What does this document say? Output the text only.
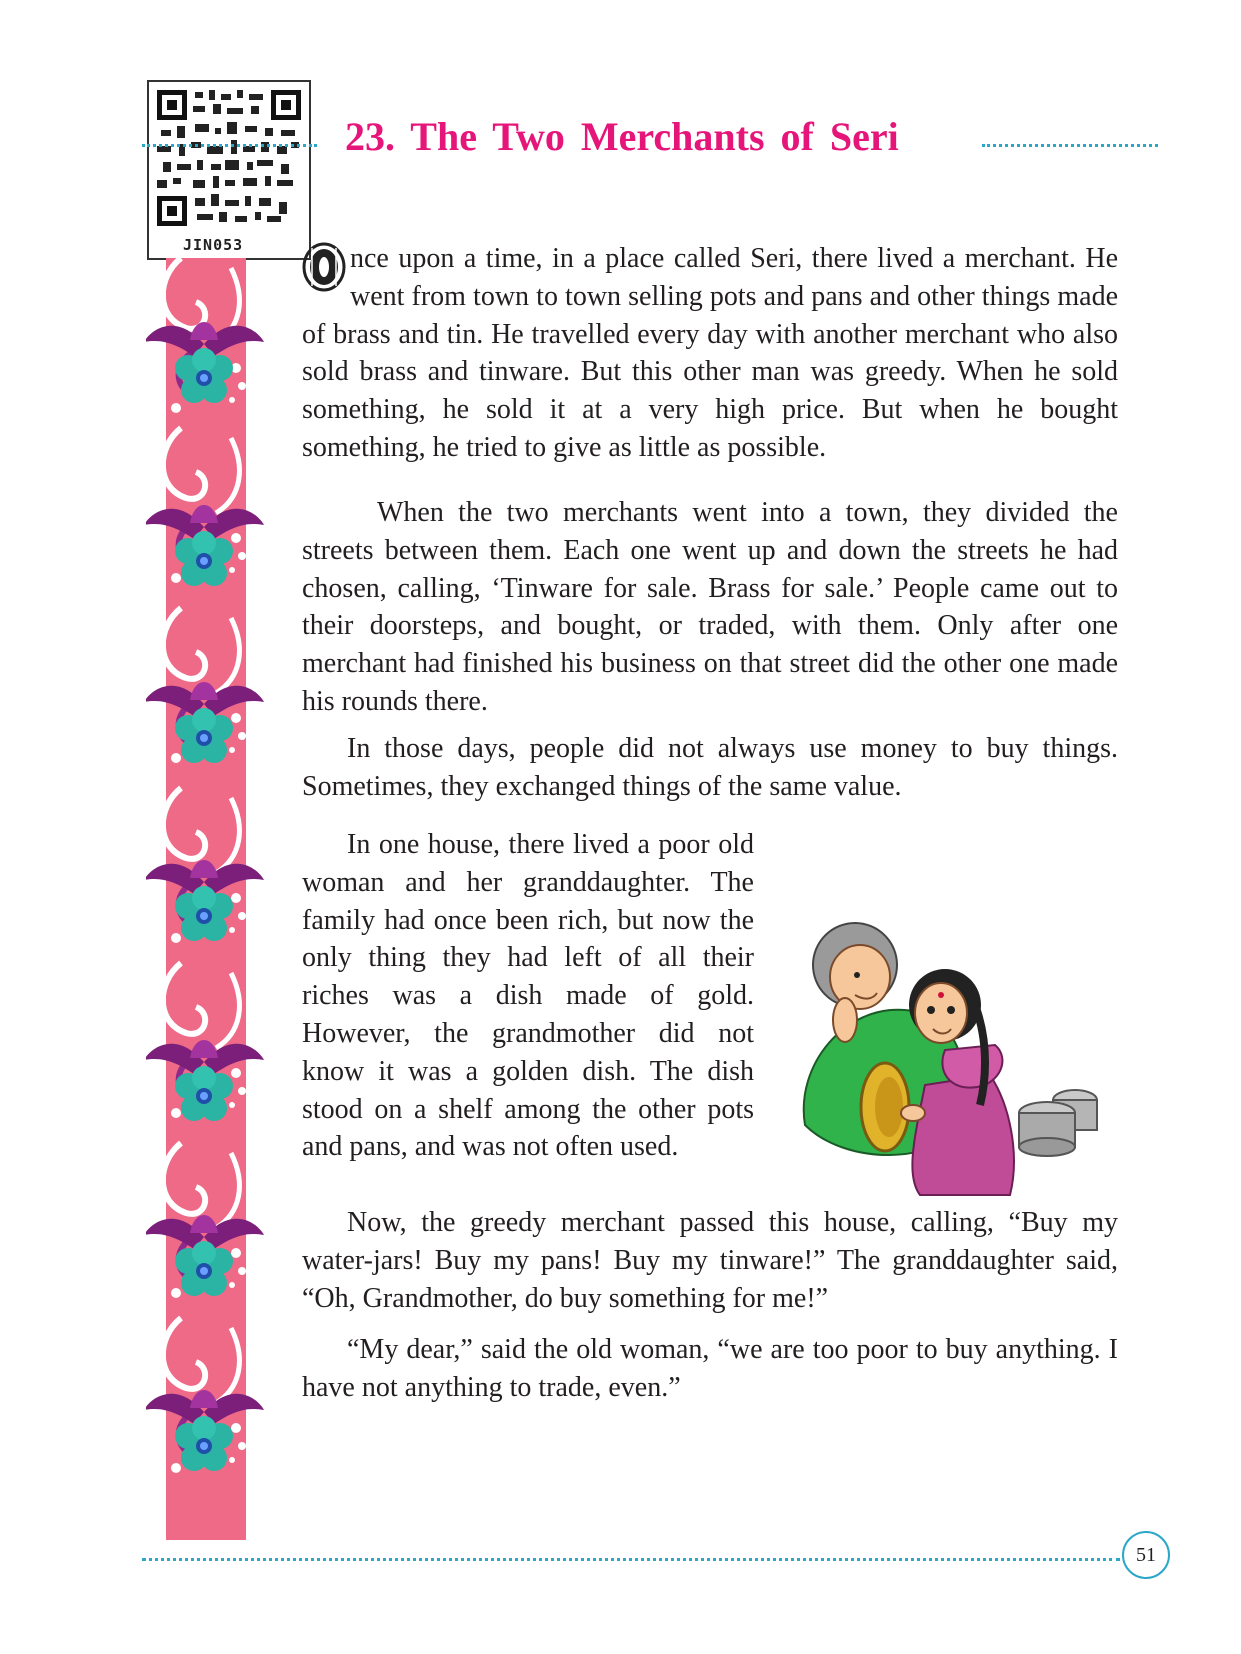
JIN053
23. The Two Merchants of Seri

nce upon a time, in a place called Seri, there lived a merchant. He went from town to town selling pots and pans and other things made of brass and tin. He travelled every day with another merchant who also sold brass and tinware. But this other man was greedy. When he sold something, he sold it at a very high price. But when he bought something, he tried to give as little as possible.

When the two merchants went into a town, they divided the streets between them. Each one went up and down the streets he had chosen, calling, ‘Tinware for sale. Brass for sale.’ People came out to their doorsteps, and bought, or traded, with them. Only after one merchant had finished his business on that street did the other one made his rounds there.

In those days, people did not always use money to buy things. Sometimes, they exchanged things of the same value.

In one house, there lived a poor old woman and her granddaughter. The family had once been rich, but now the only thing they had left of all their riches was a dish made of gold. However, the grandmother did not know it was a golden dish. The dish stood on a shelf among the other pots and pans, and was not often used.

Now, the greedy merchant passed this house, calling, “Buy my water-jars! Buy my pans! Buy my tinware!” The granddaughter said, “Oh, Grandmother, do buy something for me!”

“My dear,” said the old woman, “we are too poor to buy anything. I have not anything to trade, even.”

51
